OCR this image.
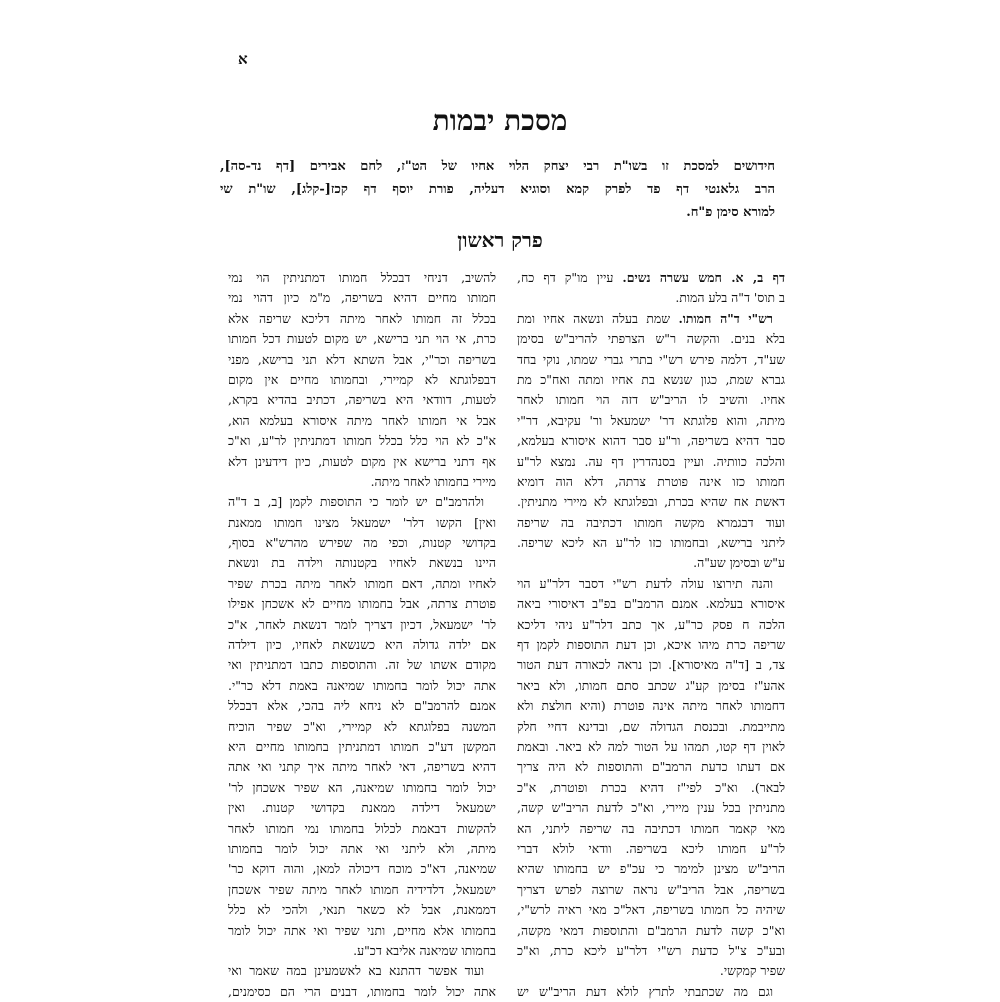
א
מסכת יבמות
חידושים למסכת זו בשו"ת רבי יצחק הלוי אחיו של הט"ז, לחם אבירים [דף נד-סה],
הרב גלאנטי דף פד לפרק קמא וסוגיא דעליה, פורת יוסף דף קכז[-קלג], שו"ת שי
למורא סימן פ"ח.
פרק ראשון
דף ב, א. חמש עשרה נשים. עיין מו"ק דף כח,
ב תוס' ד"ה בלע המות.
רש"י ד"ה חמותו. שמת בעלה ונשאה אחיו ומת
בלא בנים. והקשה ר"ש הצרפתי להריב"ש בסימן
שע"ד, דלמה פירש רש"י בתרי גברי שמתו, נוקי בחד
גברא שמת, כגון שנשא בת אחיו ומתה ואח"כ מת
אחיו. והשיב לו הריב"ש דזה הוי חמותו לאחר
מיתה, והוא פלוגתא דר' ישמעאל ור' עקיבא, דר"י
סבר דהיא בשריפה, ור"ע סבר דהוא איסורא בעלמא,
והלכה כוותיה. ועיין בסנהדרין דף עה. נמצא לר"ע
חמותו כזו אינה פוטרת צרתה, דלא הוה דומיא
דאשת אח שהיא בכרת, ובפלוגתא לא מיירי מתניתין.
ועוד דבגמרא מקשה חמותו דכתיבה בה שריפה
ליתני ברישא, ובחמותו כזו לר"ע הא ליכא שריפה.
ע"ש ובסימן שע"ה.
והנה תירוצו עולה לדעת רש"י דסבר דלר"ע הוי
איסורא בעלמא. אמנם הרמב"ם בפ"ב דאיסורי ביאה
הלכה ח פסק כר"ע, אך כתב דלר"ע ניהי דליכא
שריפה כרת מיהו איכא, וכן דעת התוספות לקמן דף
צד, ב [ד"ה מאיסורא]. וכן נראה לכאורה דעת הטור
אהע"ז בסימן קע"ג שכתב סתם חמותו, ולא ביאר
דחמותו לאחר מיתה אינה פוטרת (והיא חולצת ולא
מתייבמת. ובכנסת הגדולה שם, ובדינא דחיי חלק
לאוין דף קטו, תמהו על הטור למה לא ביאר. ובאמת
אם דעתו כדעת הרמב"ם והתוספות לא היה צריך
לבאר). וא"כ לפי"ז דהיא בכרת ופוטרת, א"כ
מתניתין בכל ענין מיירי, וא"כ לדעת הריב"ש קשה,
מאי קאמר חמותו דכתיבה בה שריפה ליתני, הא
לר"ע חמותו ליכא בשריפה. וודאי לולא דברי
הריב"ש מצינן למימר כי עכ"פ יש בחמותו שהיא
בשריפה, אבל הריב"ש נראה שרוצה לפרש דצריך
שיהיה כל חמותו בשריפה, דאל"כ מאי ראיה לרש"י,
וא"כ קשה לדעת הרמב"ם והתוספות דמאי מקשה,
ובע"כ צ"ל כדעת רש"י דלר"ע ליכא כרת, וא"כ
שפיר קמקשי.
וגם מה שכתבתי לתרץ לולא דעת הריב"ש יש
להשיב, דניחי דבכלל חמותו דמתניתין הוי נמי
חמותו מחיים דהיא בשריפה, מ"מ כיון דהוי נמי
בכלל זה חמותו לאחר מיתה דליכא שריפה אלא
כרת, אי הוי תני ברישא, יש מקום לטעות דכל חמותו
בשריפה וכר"י, אבל השתא דלא תני ברישא, מפני
דבפלוגתא לא קמיירי, ובחמותו מחיים אין מקום
לטעות, דוודאי היא בשריפה, דכתיב בהדיא בקרא,
אבל אי חמותו לאחר מיתה איסורא בעלמא הוא,
א"כ לא הוי כלל בכלל חמותו דמתניתין לר"ע, וא"כ
אף דתני ברישא אין מקום לטעות, כיון דידעינן דלא
מיירי בחמותו לאחר מיתה.
ולהרמב"ם יש לומר כי התוספות לקמן [ב, ב ד"ה
ואין] הקשו דלר' ישמעאל מצינו חמותו ממאנת
בקדושי קטנות, וכפי מה שפירש מהרש"א בסוף,
היינו בנשאת לאחיו בקטנותה וילדה בת ונשאת
לאחיו ומתה, דאם חמותו לאחר מיתה בכרת שפיר
פוטרת צרתה, אבל בחמותו מחיים לא אשכחן אפילו
לר' ישמעאל, דכיון דצריך לומר דנשאת לאחר, א"כ
אם ילדה גדולה היא כשנשאת לאחיו, כיון דילדה
מקודם אשתו של זה. והתוספות כתבו דמתניתין ואי
אתה יכול לומר בחמותו שמיאנה באמת דלא כר"י.
אמנם להרמב"ם לא ניחא ליה בהכי, אלא דבכלל
המשנה בפלוגתא לא קמיירי, וא"כ שפיר הוכיח
המקשן דע"כ חמותו דמתניתין בחמותו מחיים היא
דהיא בשריפה, דאי לאחר מיתה איך קתני ואי אתה
יכול לומר בחמותו שמיאנה, הא שפיר אשכחן לר'
ישמעאל דילדה ממאנת בקדושי קטנות. ואין
להקשות דבאמת לכלול בחמותו נמי חמותו לאחר
מיתה, ולא ליתני ואי אתה יכול לומר בחמותו
שמיאנה, דא"כ מוכח דיכולה למאן, והוה דוקא כר'
ישמעאל, דלדידיה חמותו לאחר מיתה שפיר אשכחן
דממאנת, אבל לא כשאר תנאי, ולהכי לא כלל
בחמותו אלא מחיים, ותני שפיר ואי אתה יכול לומר
בחמותו שמיאנה אליבא דכ"ע.
ועוד אפשר דהתנא בא לאשמעינן במה שאמר ואי
אתה יכול לומר בחמותו, דבנים הרי הם כסימנים,
